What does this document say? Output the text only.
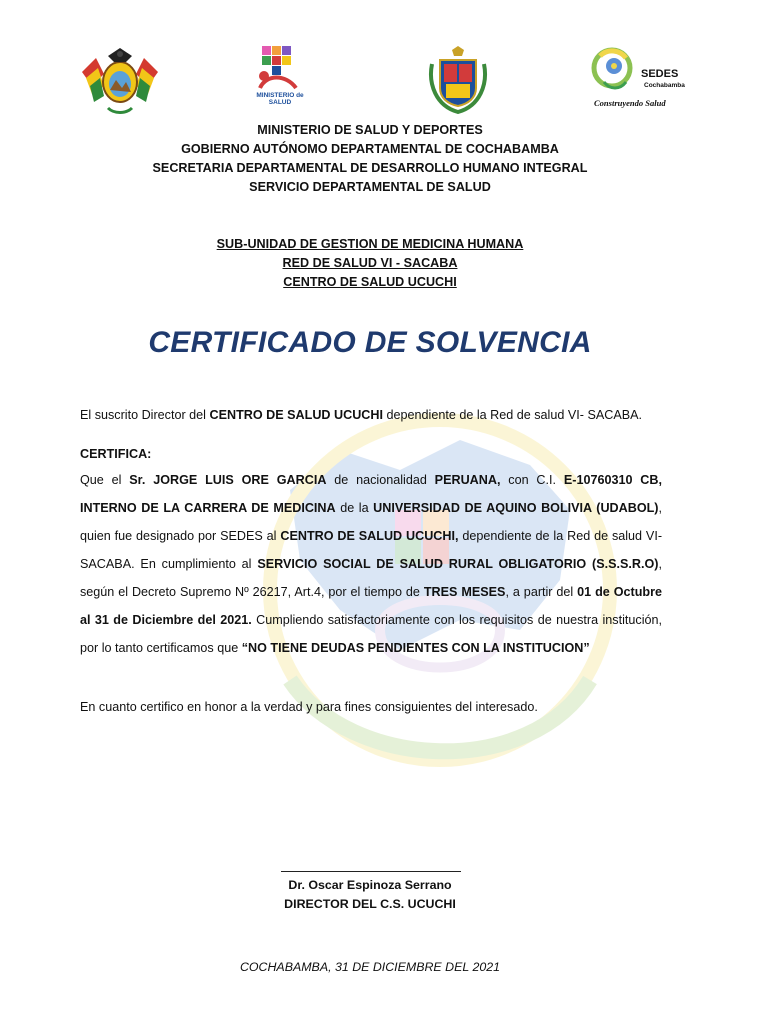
MINISTERIO de SALUD
SEDES
Cochabamba
Construyendo Salud
MINISTERIO DE SALUD Y DEPORTES
GOBIERNO AUTÓNOMO DEPARTAMENTAL DE COCHABAMBA
SECRETARIA DEPARTAMENTAL DE DESARROLLO HUMANO INTEGRAL
SERVICIO DEPARTAMENTAL DE SALUD
SUB-UNIDAD DE GESTION DE MEDICINA HUMANA
RED DE SALUD VI - SACABA
CENTRO DE SALUD UCUCHI
CERTIFICADO DE SOLVENCIA
El suscrito Director del CENTRO DE SALUD UCUCHI dependiente de la Red de salud VI- SACABA.
CERTIFICA:

Que el Sr. JORGE LUIS ORE GARCIA de nacionalidad PERUANA, con C.I. E-10760310 CB, INTERNO DE LA CARRERA DE MEDICINA de la UNIVERSIDAD DE AQUINO BOLIVIA (UDABOL), quien fue designado por SEDES al CENTRO DE SALUD UCUCHI, dependiente de la Red de salud VI-SACABA. En cumplimiento al SERVICIO SOCIAL DE SALUD RURAL OBLIGATORIO (S.S.S.R.O), según el Decreto Supremo Nº 26217, Art.4, por el tiempo de TRES MESES, a partir del 01 de Octubre al 31 de Diciembre del 2021. Cumpliendo satisfactoriamente con los requisitos de nuestra institución, por lo tanto certificamos que “NO TIENE DEUDAS PENDIENTES CON LA INSTITUCION”

En cuanto certifico en honor a la verdad y para fines consiguientes del interesado.
Dr. Oscar Espinoza Serrano
DIRECTOR DEL C.S. UCUCHI
COCHABAMBA, 31 DE DICIEMBRE DEL 2021
